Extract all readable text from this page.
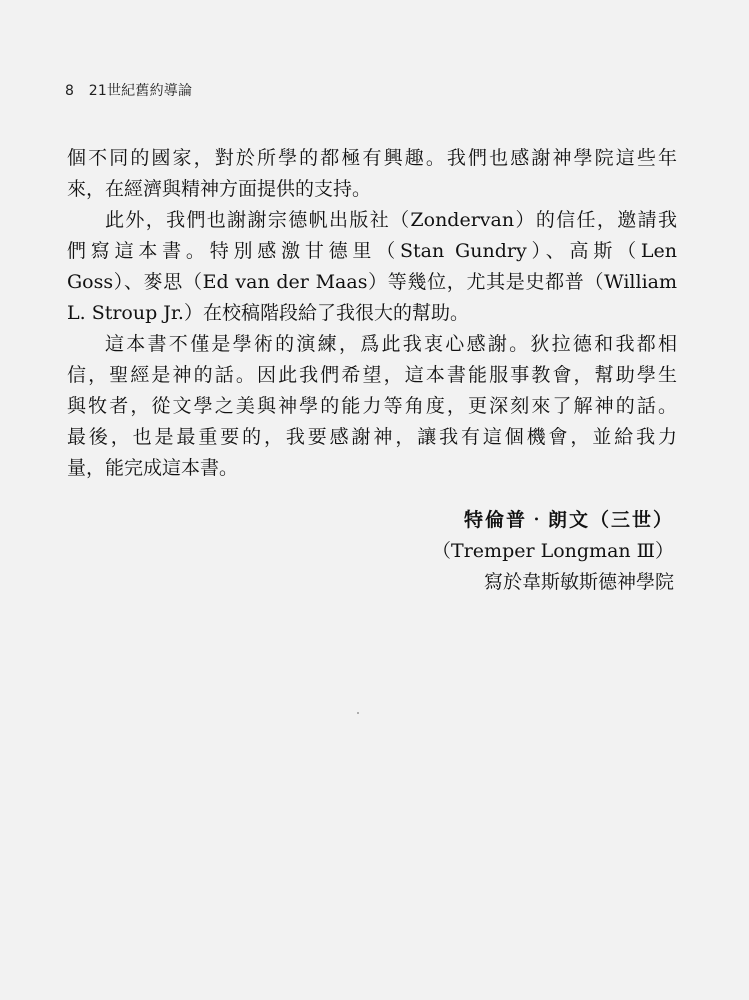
8 21世紀舊約導論
個不同的國家，對於所學的都極有興趣。我們也感謝神學院這些年
來，在經濟與精神方面提供的支持。
此外，我們也謝謝宗德帆出版社（Zondervan）的信任，邀請我
們寫這本書。特別感激甘德里（Stan Gundry）、高斯（Len
Goss）、麥思（Ed van der Maas）等幾位，尤其是史都普（William
L. Stroup Jr.）在校稿階段給了我很大的幫助。
這本書不僅是學術的演練，爲此我衷心感謝。狄拉德和我都相
信，聖經是神的話。因此我們希望，這本書能服事教會，幫助學生
與牧者，從文學之美與神學的能力等角度，更深刻來了解神的話。
最後，也是最重要的，我要感謝神，讓我有這個機會，並給我力
量，能完成這本書。
特倫普‧朗文（三世）
（Tremper Longman Ⅲ）
寫於韋斯敏斯德神學院
